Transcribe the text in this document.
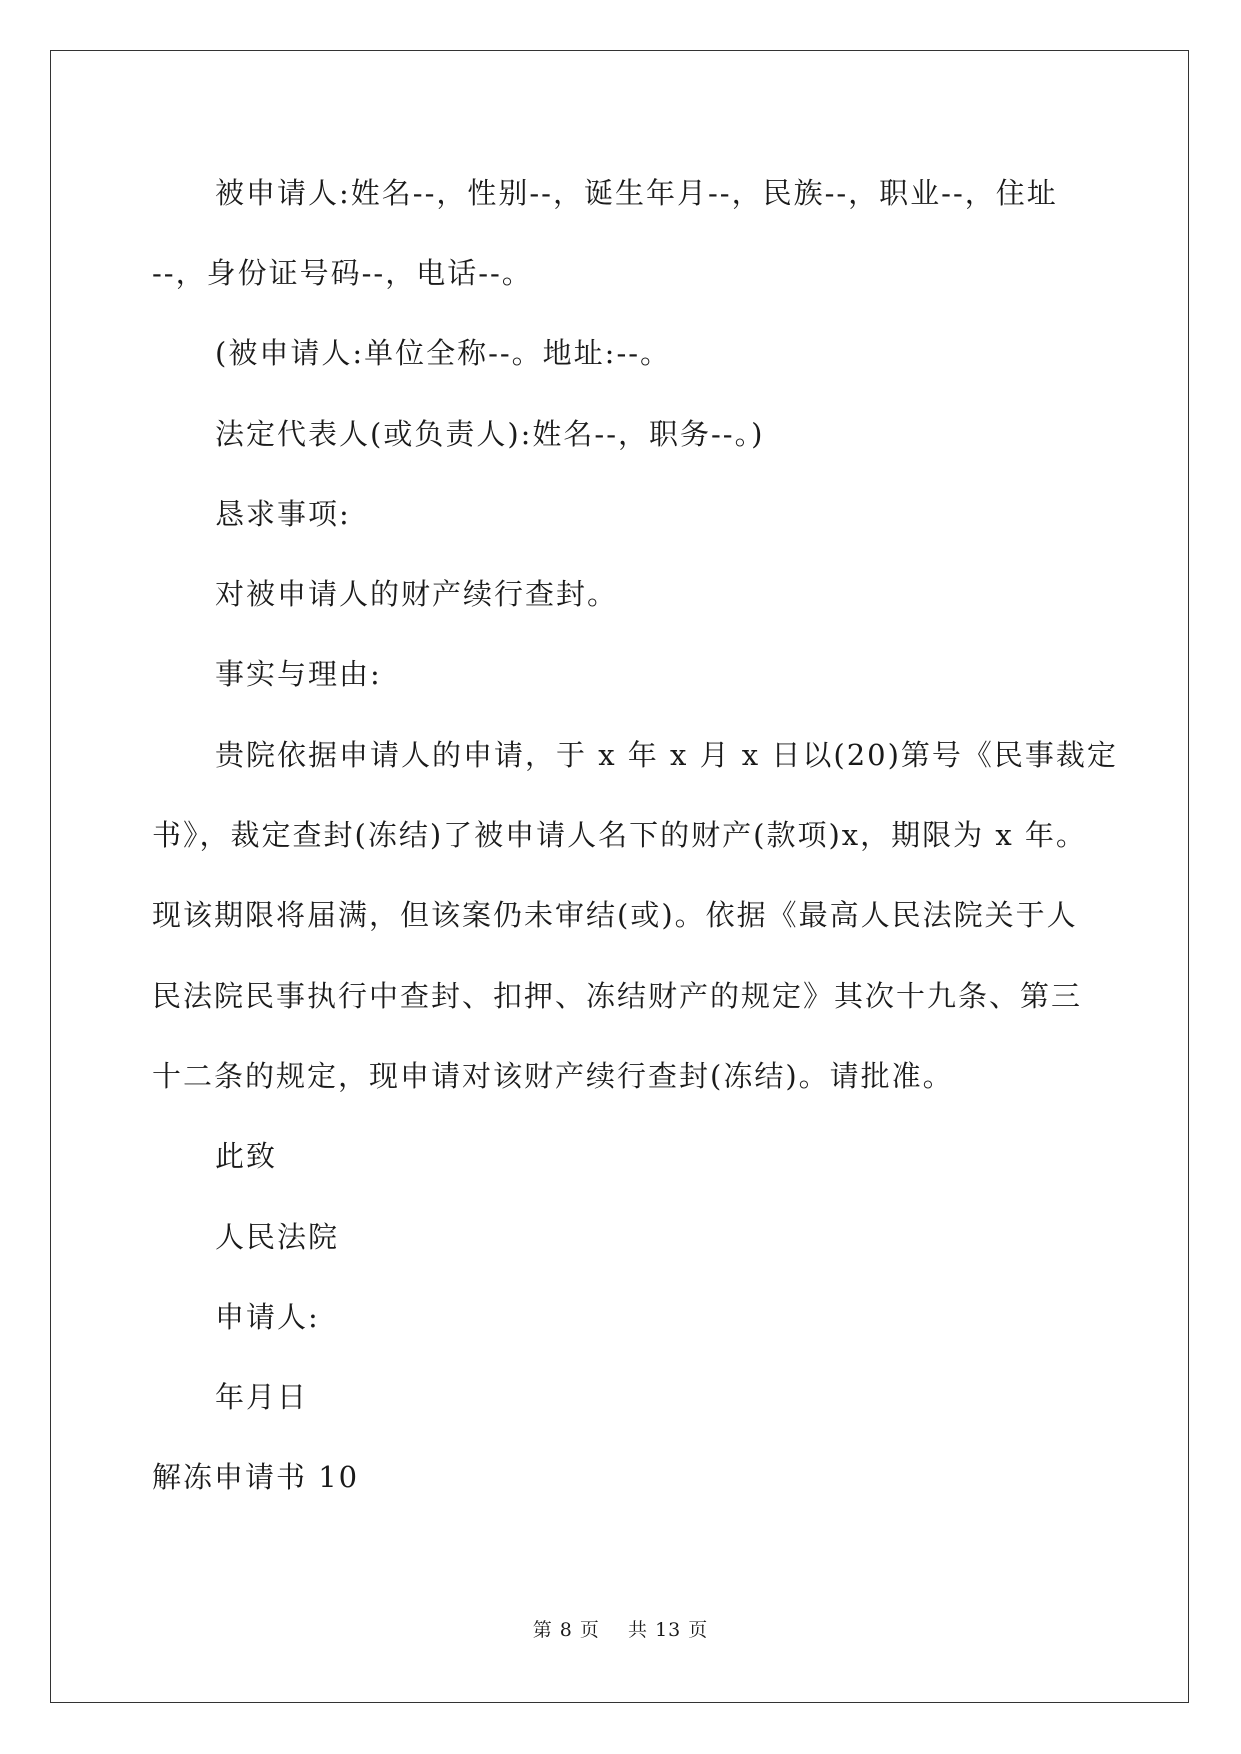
被申请人:姓名--，性别--，诞生年月--，民族--，职业--，住址
--，身份证号码--，电话--。
(被申请人:单位全称--。地址:--。
法定代表人(或负责人):姓名--，职务--。)
恳求事项:
对被申请人的财产续行查封。
事实与理由:
贵院依据申请人的申请，于 x 年 x 月 x 日以(20)第号《民事裁定
书》，裁定查封(冻结)了被申请人名下的财产(款项)x，期限为 x 年。
现该期限将届满，但该案仍未审结(或)。依据《最高人民法院关于人
民法院民事执行中查封、扣押、冻结财产的规定》其次十九条、第三
十二条的规定，现申请对该财产续行查封(冻结)。请批准。
此致
人民法院
申请人:
年月日
解冻申请书 10
第 8 页    共 13 页
